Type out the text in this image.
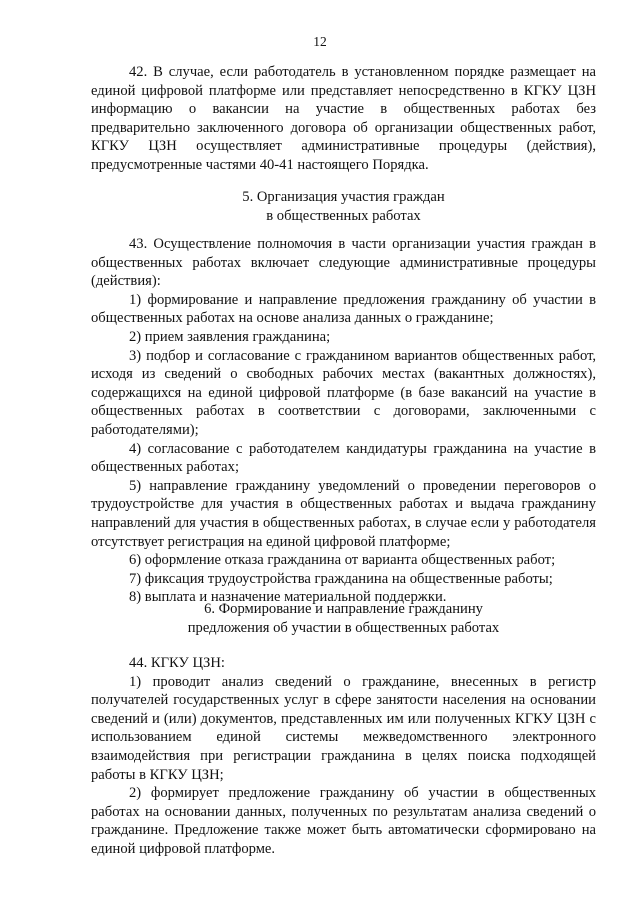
12

42. В случае, если работодатель в установленном порядке размещает на единой цифровой платформе или представляет непосредственно в КГКУ ЦЗН информацию о вакансии на участие в общественных работах без предварительно заключенного договора об организации общественных работ, КГКУ ЦЗН осуществляет административные процедуры (действия), предусмотренные частями 40-41 настоящего Порядка.

5. Организация участия граждан
в общественных работах

43. Осуществление полномочия в части организации участия граждан в общественных работах включает следующие административные процедуры (действия):

1) формирование и направление предложения гражданину об участии в общественных работах на основе анализа данных о гражданине;

2) прием заявления гражданина;

3) подбор и согласование с гражданином вариантов общественных работ, исходя из сведений о свободных рабочих местах (вакантных должностях), содержащихся на единой цифровой платформе (в базе вакансий на участие в общественных работах в соответствии с договорами, заключенными с работодателями);

4) согласование с работодателем кандидатуры гражданина на участие в общественных работах;

5) направление гражданину уведомлений о проведении переговоров о трудоустройстве для участия в общественных работах и выдача гражданину направлений для участия в общественных работах, в случае если у работодателя отсутствует регистрация на единой цифровой платформе;

6) оформление отказа гражданина от варианта общественных работ;

7) фиксация трудоустройства гражданина на общественные работы;

8) выплата и назначение материальной поддержки.

6. Формирование и направление гражданину
предложения об участии в общественных работах

44. КГКУ ЦЗН:

1) проводит анализ сведений о гражданине, внесенных в регистр получателей государственных услуг в сфере занятости населения на основании сведений и (или) документов, представленных им или полученных КГКУ ЦЗН с использованием единой системы межведомственного электронного взаимодействия при регистрации гражданина в целях поиска подходящей работы в КГКУ ЦЗН;

2) формирует предложение гражданину об участии в общественных работах на основании данных, полученных по результатам анализа сведений о гражданине. Предложение также может быть автоматически сформировано на единой цифровой платформе.
